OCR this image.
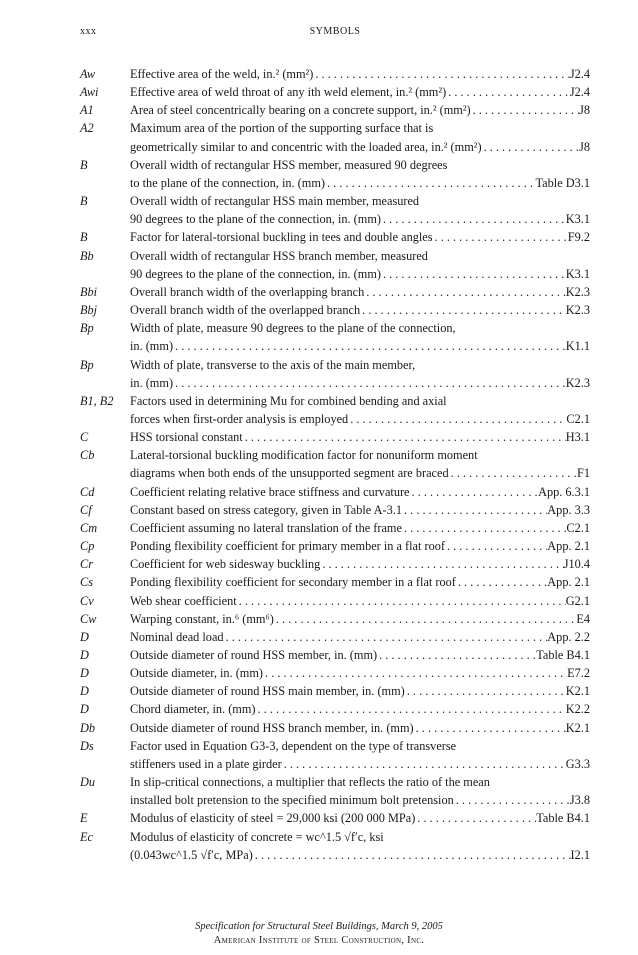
xxx	SYMBOLS
Aw	Effective area of the weld, in.² (mm²) . . .	J2.4
Awi	Effective area of weld throat of any ith weld element, in.² (mm²) . . .	J2.4
A1	Area of steel concentrically bearing on a concrete support, in.² (mm²) . . .	J8
A2	Maximum area of the portion of the supporting surface that is
geometrically similar to and concentric with the loaded area, in.² (mm²) . . .	J8
B	Overall width of rectangular HSS member, measured 90 degrees
to the plane of the connection, in. (mm) . . .	Table D3.1
B	Overall width of rectangular HSS main member, measured
90 degrees to the plane of the connection, in. (mm) . . .	K3.1
B	Factor for lateral-torsional buckling in tees and double angles . . .	F9.2
Bb	Overall width of rectangular HSS branch member, measured
90 degrees to the plane of the connection, in. (mm) . . .	K3.1
Bbi	Overall branch width of the overlapping branch . . .	K2.3
Bbj	Overall branch width of the overlapped branch . . .	K2.3
Bp	Width of plate, measure 90 degrees to the plane of the connection,
in. (mm) . . .	K1.1
Bp	Width of plate, transverse to the axis of the main member,
in. (mm) . . .	K2.3
B1, B2	Factors used in determining Mu for combined bending and axial
forces when first-order analysis is employed . . .	C2.1
C	HSS torsional constant . . .	H3.1
Cb	Lateral-torsional buckling modification factor for nonuniform moment
diagrams when both ends of the unsupported segment are braced . . .	F1
Cd	Coefficient relating relative brace stiffness and curvature . . .	App. 6.3.1
Cf	Constant based on stress category, given in Table A-3.1 . . .	App. 3.3
Cm	Coefficient assuming no lateral translation of the frame . . .	C2.1
Cp	Ponding flexibility coefficient for primary member in a flat roof . . .	App. 2.1
Cr	Coefficient for web sidesway buckling . . .	J10.4
Cs	Ponding flexibility coefficient for secondary member in a flat roof . . .	App. 2.1
Cv	Web shear coefficient . . .	G2.1
Cw	Warping constant, in.⁶ (mm⁶) . . .	E4
D	Nominal dead load . . .	App. 2.2
D	Outside diameter of round HSS member, in. (mm) . . .	Table B4.1
D	Outside diameter, in. (mm) . . .	E7.2
D	Outside diameter of round HSS main member, in. (mm) . . .	K2.1
D	Chord diameter, in. (mm) . . .	K2.2
Db	Outside diameter of round HSS branch member, in. (mm) . . .	K2.1
Ds	Factor used in Equation G3-3, dependent on the type of transverse
stiffeners used in a plate girder . . .	G3.3
Du	In slip-critical connections, a multiplier that reflects the ratio of the mean
installed bolt pretension to the specified minimum bolt pretension . . .	J3.8
E	Modulus of elasticity of steel = 29,000 ksi (200 000 MPa) . . .	Table B4.1
Ec	Modulus of elasticity of concrete = wc^1.5 √f′c, ksi
(0.043wc^1.5 √f′c, MPa) . . .	I2.1
Specification for Structural Steel Buildings, March 9, 2005
American Institute of Steel Construction, Inc.
